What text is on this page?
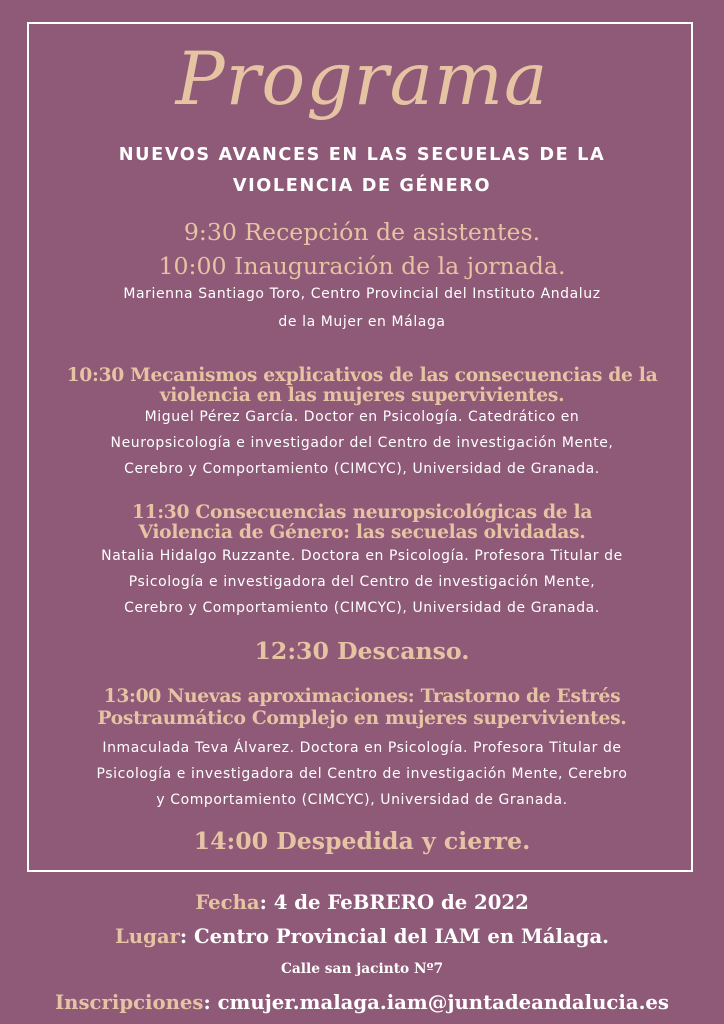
Programa
NUEVOS AVANCES EN LAS SECUELAS DE LA
VIOLENCIA DE GÉNERO
9:30 Recepción de asistentes.
10:00 Inauguración de la jornada.
Marienna Santiago Toro, Centro Provincial del Instituto Andaluz
de la Mujer en Málaga
10:30 Mecanismos explicativos de las consecuencias de la
violencia en las mujeres supervivientes.
Miguel Pérez García. Doctor en Psicología. Catedrático en
Neuropsicología e investigador del Centro de investigación Mente,
Cerebro y Comportamiento (CIMCYC), Universidad de Granada.
11:30 Consecuencias neuropsicológicas de la
Violencia de Género: las secuelas olvidadas.
Natalia Hidalgo Ruzzante. Doctora en Psicología. Profesora Titular de
Psicología e investigadora del Centro de investigación Mente,
Cerebro y Comportamiento (CIMCYC), Universidad de Granada.
12:30 Descanso.
13:00 Nuevas aproximaciones: Trastorno de Estrés
Postraumático Complejo en mujeres supervivientes.
Inmaculada Teva Álvarez. Doctora en Psicología. Profesora Titular de
Psicología e investigadora del Centro de investigación Mente, Cerebro
y Comportamiento (CIMCYC), Universidad de Granada.
14:00 Despedida y cierre.
Fecha: 4 de FeBRERO de 2022
Lugar: Centro Provincial del IAM en Málaga.
Calle san jacinto Nº7
Inscripciones: cmujer.malaga.iam@juntadeandalucia.es
